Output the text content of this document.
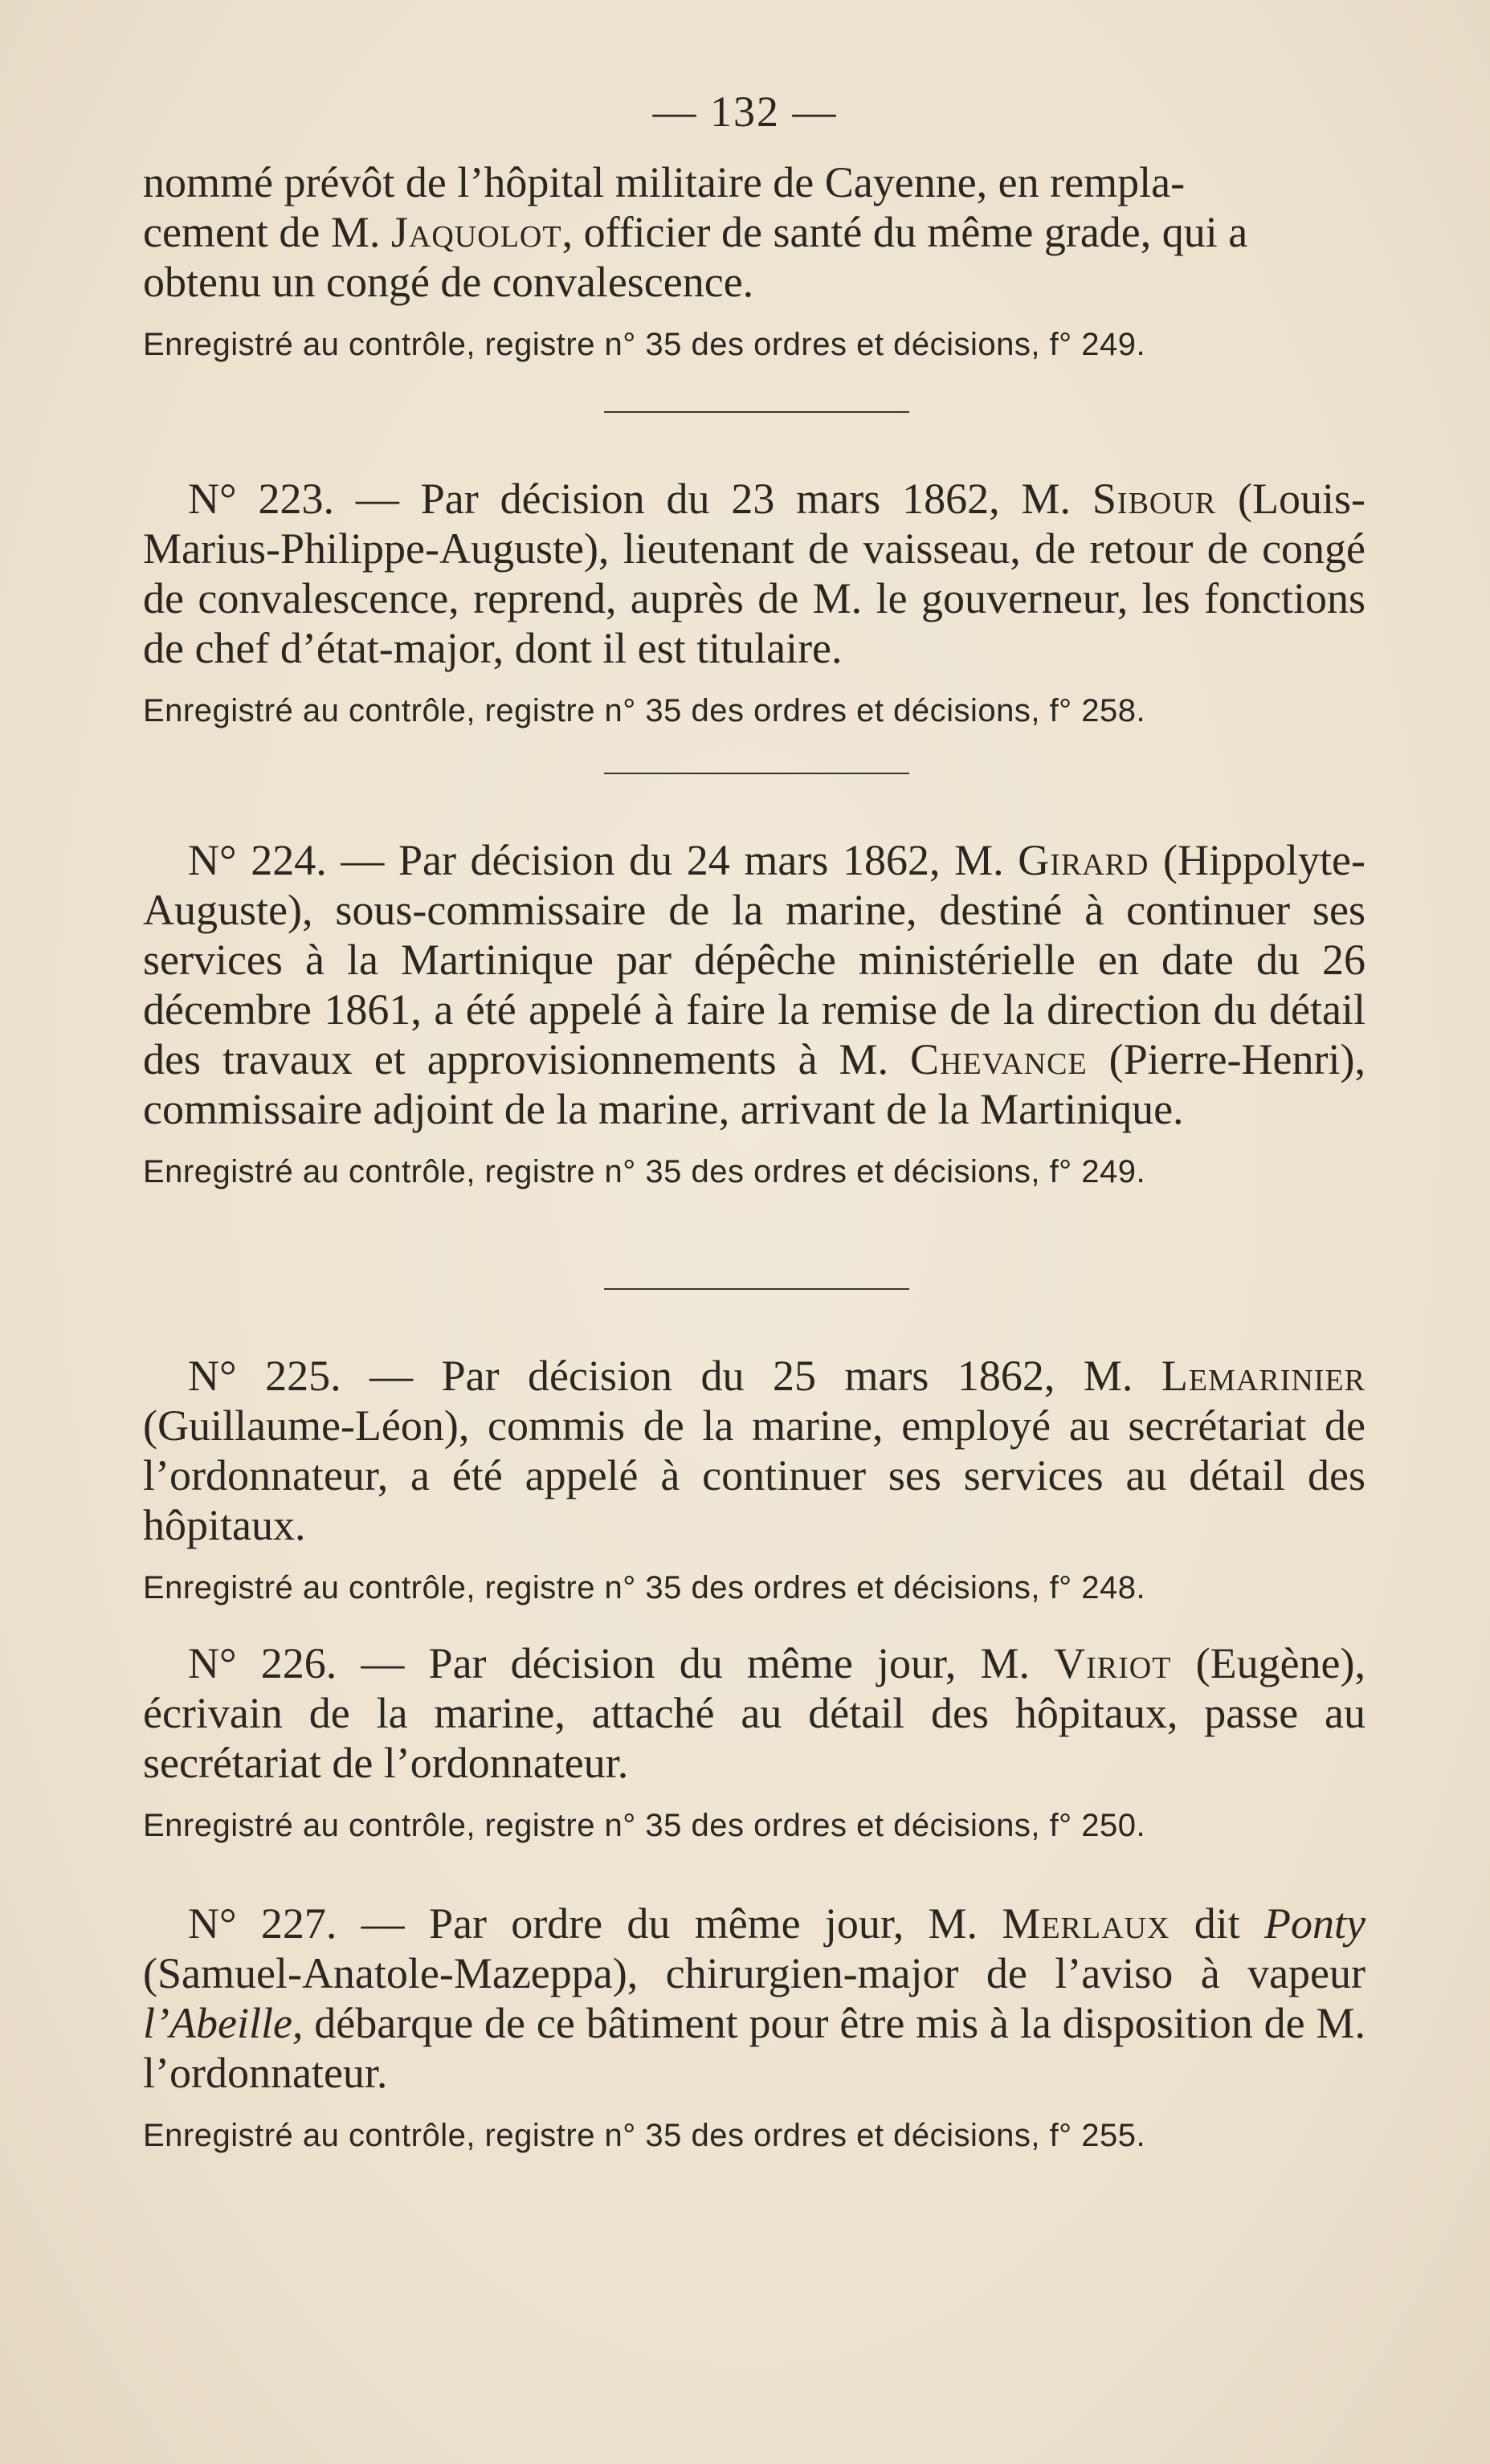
— 132 —

nommé prévôt de l’hôpital militaire de Cayenne, en rempla-
cement de M. Jaquolot, officier de santé du même grade, qui a
obtenu un congé de convalescence.

Enregistré au contrôle, registre n° 35 des ordres et décisions, f° 249.

N° 223. — Par décision du 23 mars 1862, M. Sibour (Louis-Marius-Philippe-Auguste), lieutenant de vaisseau, de retour de congé de convalescence, reprend, auprès de M. le gouverneur, les fonctions de chef d’état-major, dont il est titulaire.

Enregistré au contrôle, registre n° 35 des ordres et décisions, f° 258.

N° 224. — Par décision du 24 mars 1862, M. Girard (Hippolyte-Auguste), sous-commissaire de la marine, destiné à continuer ses services à la Martinique par dépêche ministérielle en date du 26 décembre 1861, a été appelé à faire la remise de la direction du détail des travaux et approvisionnements à M. Chevance (Pierre-Henri), commissaire adjoint de la marine, arrivant de la Martinique.

Enregistré au contrôle, registre n° 35 des ordres et décisions, f° 249.

N° 225. — Par décision du 25 mars 1862, M. Lemarinier (Guillaume-Léon), commis de la marine, employé au secrétariat de l’ordonnateur, a été appelé à continuer ses services au détail des hôpitaux.

Enregistré au contrôle, registre n° 35 des ordres et décisions, f° 248.

N° 226. — Par décision du même jour, M. Viriot (Eugène), écrivain de la marine, attaché au détail des hôpitaux, passe au secrétariat de l’ordonnateur.

Enregistré au contrôle, registre n° 35 des ordres et décisions, f° 250.

N° 227. — Par ordre du même jour, M. Merlaux dit Ponty (Samuel-Anatole-Mazeppa), chirurgien-major de l’aviso à vapeur l’Abeille, débarque de ce bâtiment pour être mis à la disposition de M. l’ordonnateur.

Enregistré au contrôle, registre n° 35 des ordres et décisions, f° 255.
